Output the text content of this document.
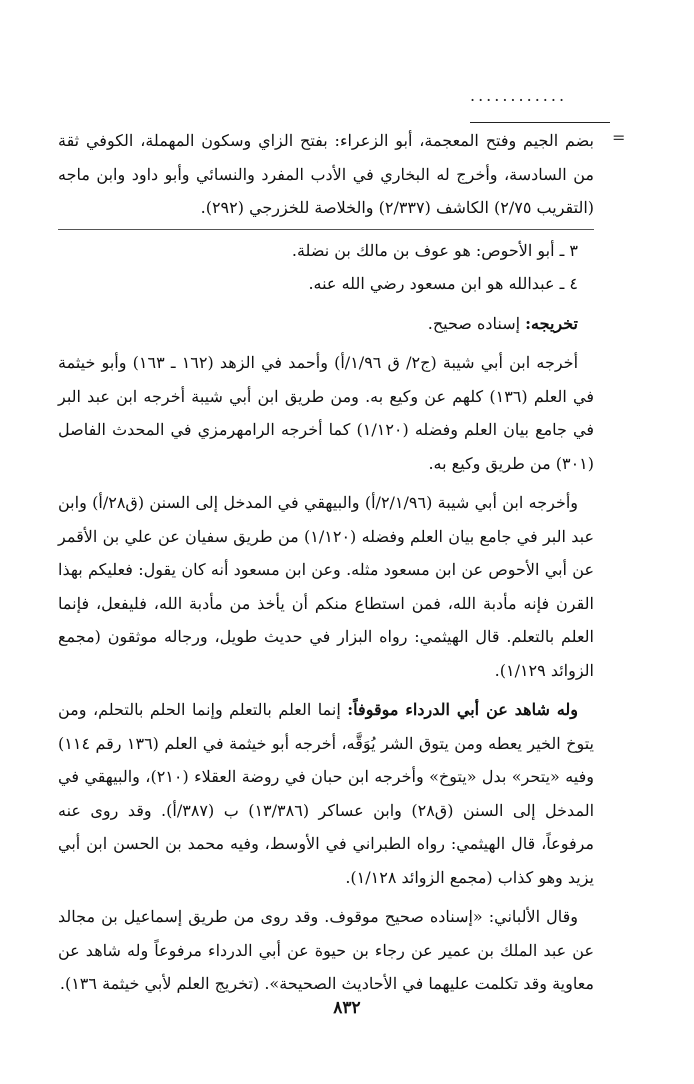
............
=

بضم الجيم وفتح المعجمة، أبو الزعراء: بفتح الزاي وسكون المهملة، الكوفي ثقة من السادسة، وأخرج له البخاري في الأدب المفرد والنسائي وأبو داود وابن ماجه (التقريب ٢/٧٥) الكاشف (٢/٣٣٧) والخلاصة للخزرجي (٢٩٢).

٣ ـ أبو الأحوص: هو عوف بن مالك بن نضلة.

٤ ـ عبدالله هو ابن مسعود رضي الله عنه.

تخريجه: إسناده صحيح.

أخرجه ابن أبي شيبة (ج٢/ ق ١/٩٦/أ) وأحمد في الزهد (١٦٢ ـ ١٦٣) وأبو خيثمة في العلم (١٣٦) كلهم عن وكيع به. ومن طريق ابن أبي شيبة أخرجه ابن عبد البر في جامع بيان العلم وفضله (١/١٢٠) كما أخرجه الرامهرمزي في المحدث الفاصل (٣٠١) من طريق وكيع به.

وأخرجه ابن أبي شيبة (٢/١/٩٦/أ) والبيهقي في المدخل إلى السنن (ق٢٨/أ) وابن عبد البر في جامع بيان العلم وفضله (١/١٢٠) من طريق سفيان عن علي بن الأقمر عن أبي الأحوص عن ابن مسعود مثله. وعن ابن مسعود أنه كان يقول: فعليكم بهذا القرن فإنه مأدبة الله، فمن استطاع منكم أن يأخذ من مأدبة الله، فليفعل، فإنما العلم بالتعلم. قال الهيثمي: رواه البزار في حديث طويل، ورجاله موثقون (مجمع الزوائد ١/١٢٩).

وله شاهد عن أبي الدرداء موقوفاً: إنما العلم بالتعلم وإنما الحلم بالتحلم، ومن يتوخ الخير يعطه ومن يتوق الشر يُوَقَّه، أخرجه أبو خيثمة في العلم (١٣٦ رقم ١١٤) وفيه «يتحر» بدل «يتوخ» وأخرجه ابن حبان في روضة العقلاء (٢١٠)، والبيهقي في المدخل إلى السنن (ق٢٨) وابن عساكر (١٣/٣٨٦) ب (٣٨٧/أ). وقد روى عنه مرفوعاً، قال الهيثمي: رواه الطبراني في الأوسط، وفيه محمد بن الحسن ابن أبي يزيد وهو كذاب (مجمع الزوائد ١/١٢٨).

وقال الألباني: «إسناده صحيح موقوف. وقد روى من طريق إسماعيل بن مجالد عن عبد الملك بن عمير عن رجاء بن حيوة عن أبي الدرداء مرفوعاً وله شاهد عن معاوية وقد تكلمت عليهما في الأحاديث الصحيحة». (تخريج العلم لأبي خيثمة ١٣٦).

٨٣٢
